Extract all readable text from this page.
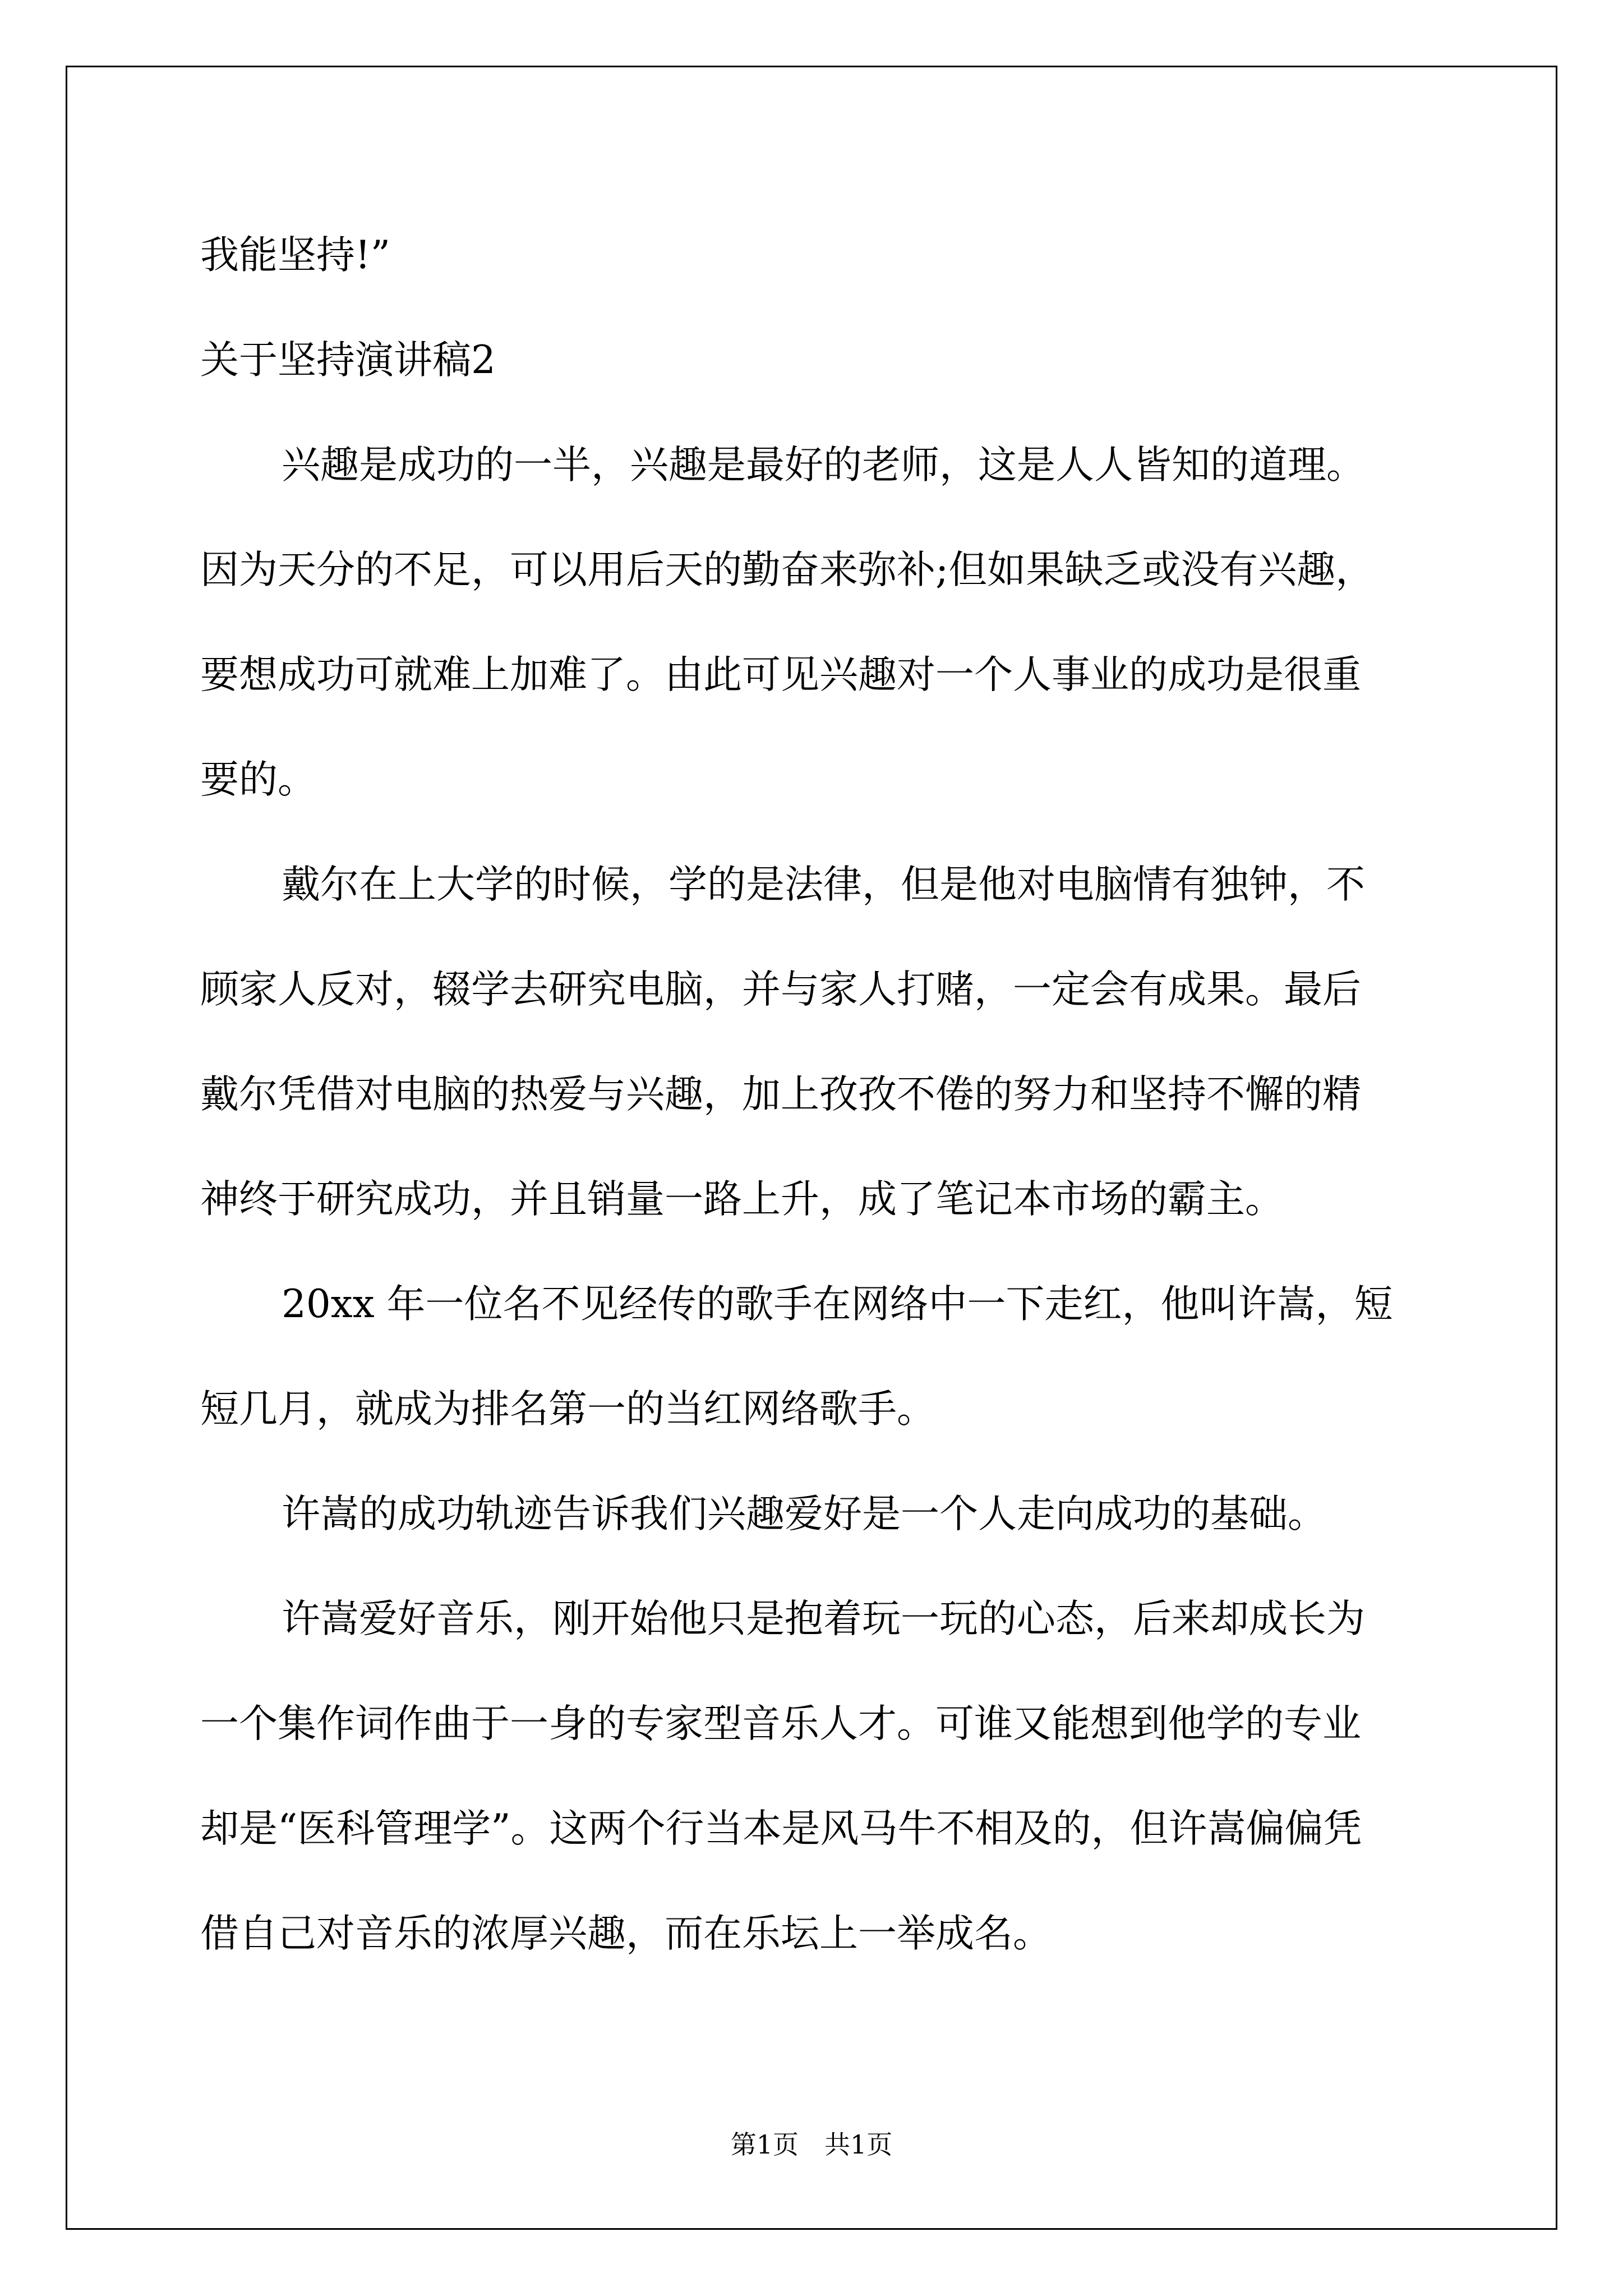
我能坚持!”
关于坚持演讲稿2
兴趣是成功的一半，兴趣是最好的老师，这是人人皆知的道理。
因为天分的不足，可以用后天的勤奋来弥补;但如果缺乏或没有兴趣，
要想成功可就难上加难了。由此可见兴趣对一个人事业的成功是很重
要的。
戴尔在上大学的时候，学的是法律，但是他对电脑情有独钟，不
顾家人反对，辍学去研究电脑，并与家人打赌，一定会有成果。最后
戴尔凭借对电脑的热爱与兴趣，加上孜孜不倦的努力和坚持不懈的精
神终于研究成功，并且销量一路上升，成了笔记本市场的霸主。
20xx 年一位名不见经传的歌手在网络中一下走红，他叫许嵩，短
短几月，就成为排名第一的当红网络歌手。
许嵩的成功轨迹告诉我们兴趣爱好是一个人走向成功的基础。
许嵩爱好音乐，刚开始他只是抱着玩一玩的心态，后来却成长为
一个集作词作曲于一身的专家型音乐人才。可谁又能想到他学的专业
却是“医科管理学”。这两个行当本是风马牛不相及的，但许嵩偏偏凭
借自己对音乐的浓厚兴趣，而在乐坛上一举成名。
第1页　共1页
